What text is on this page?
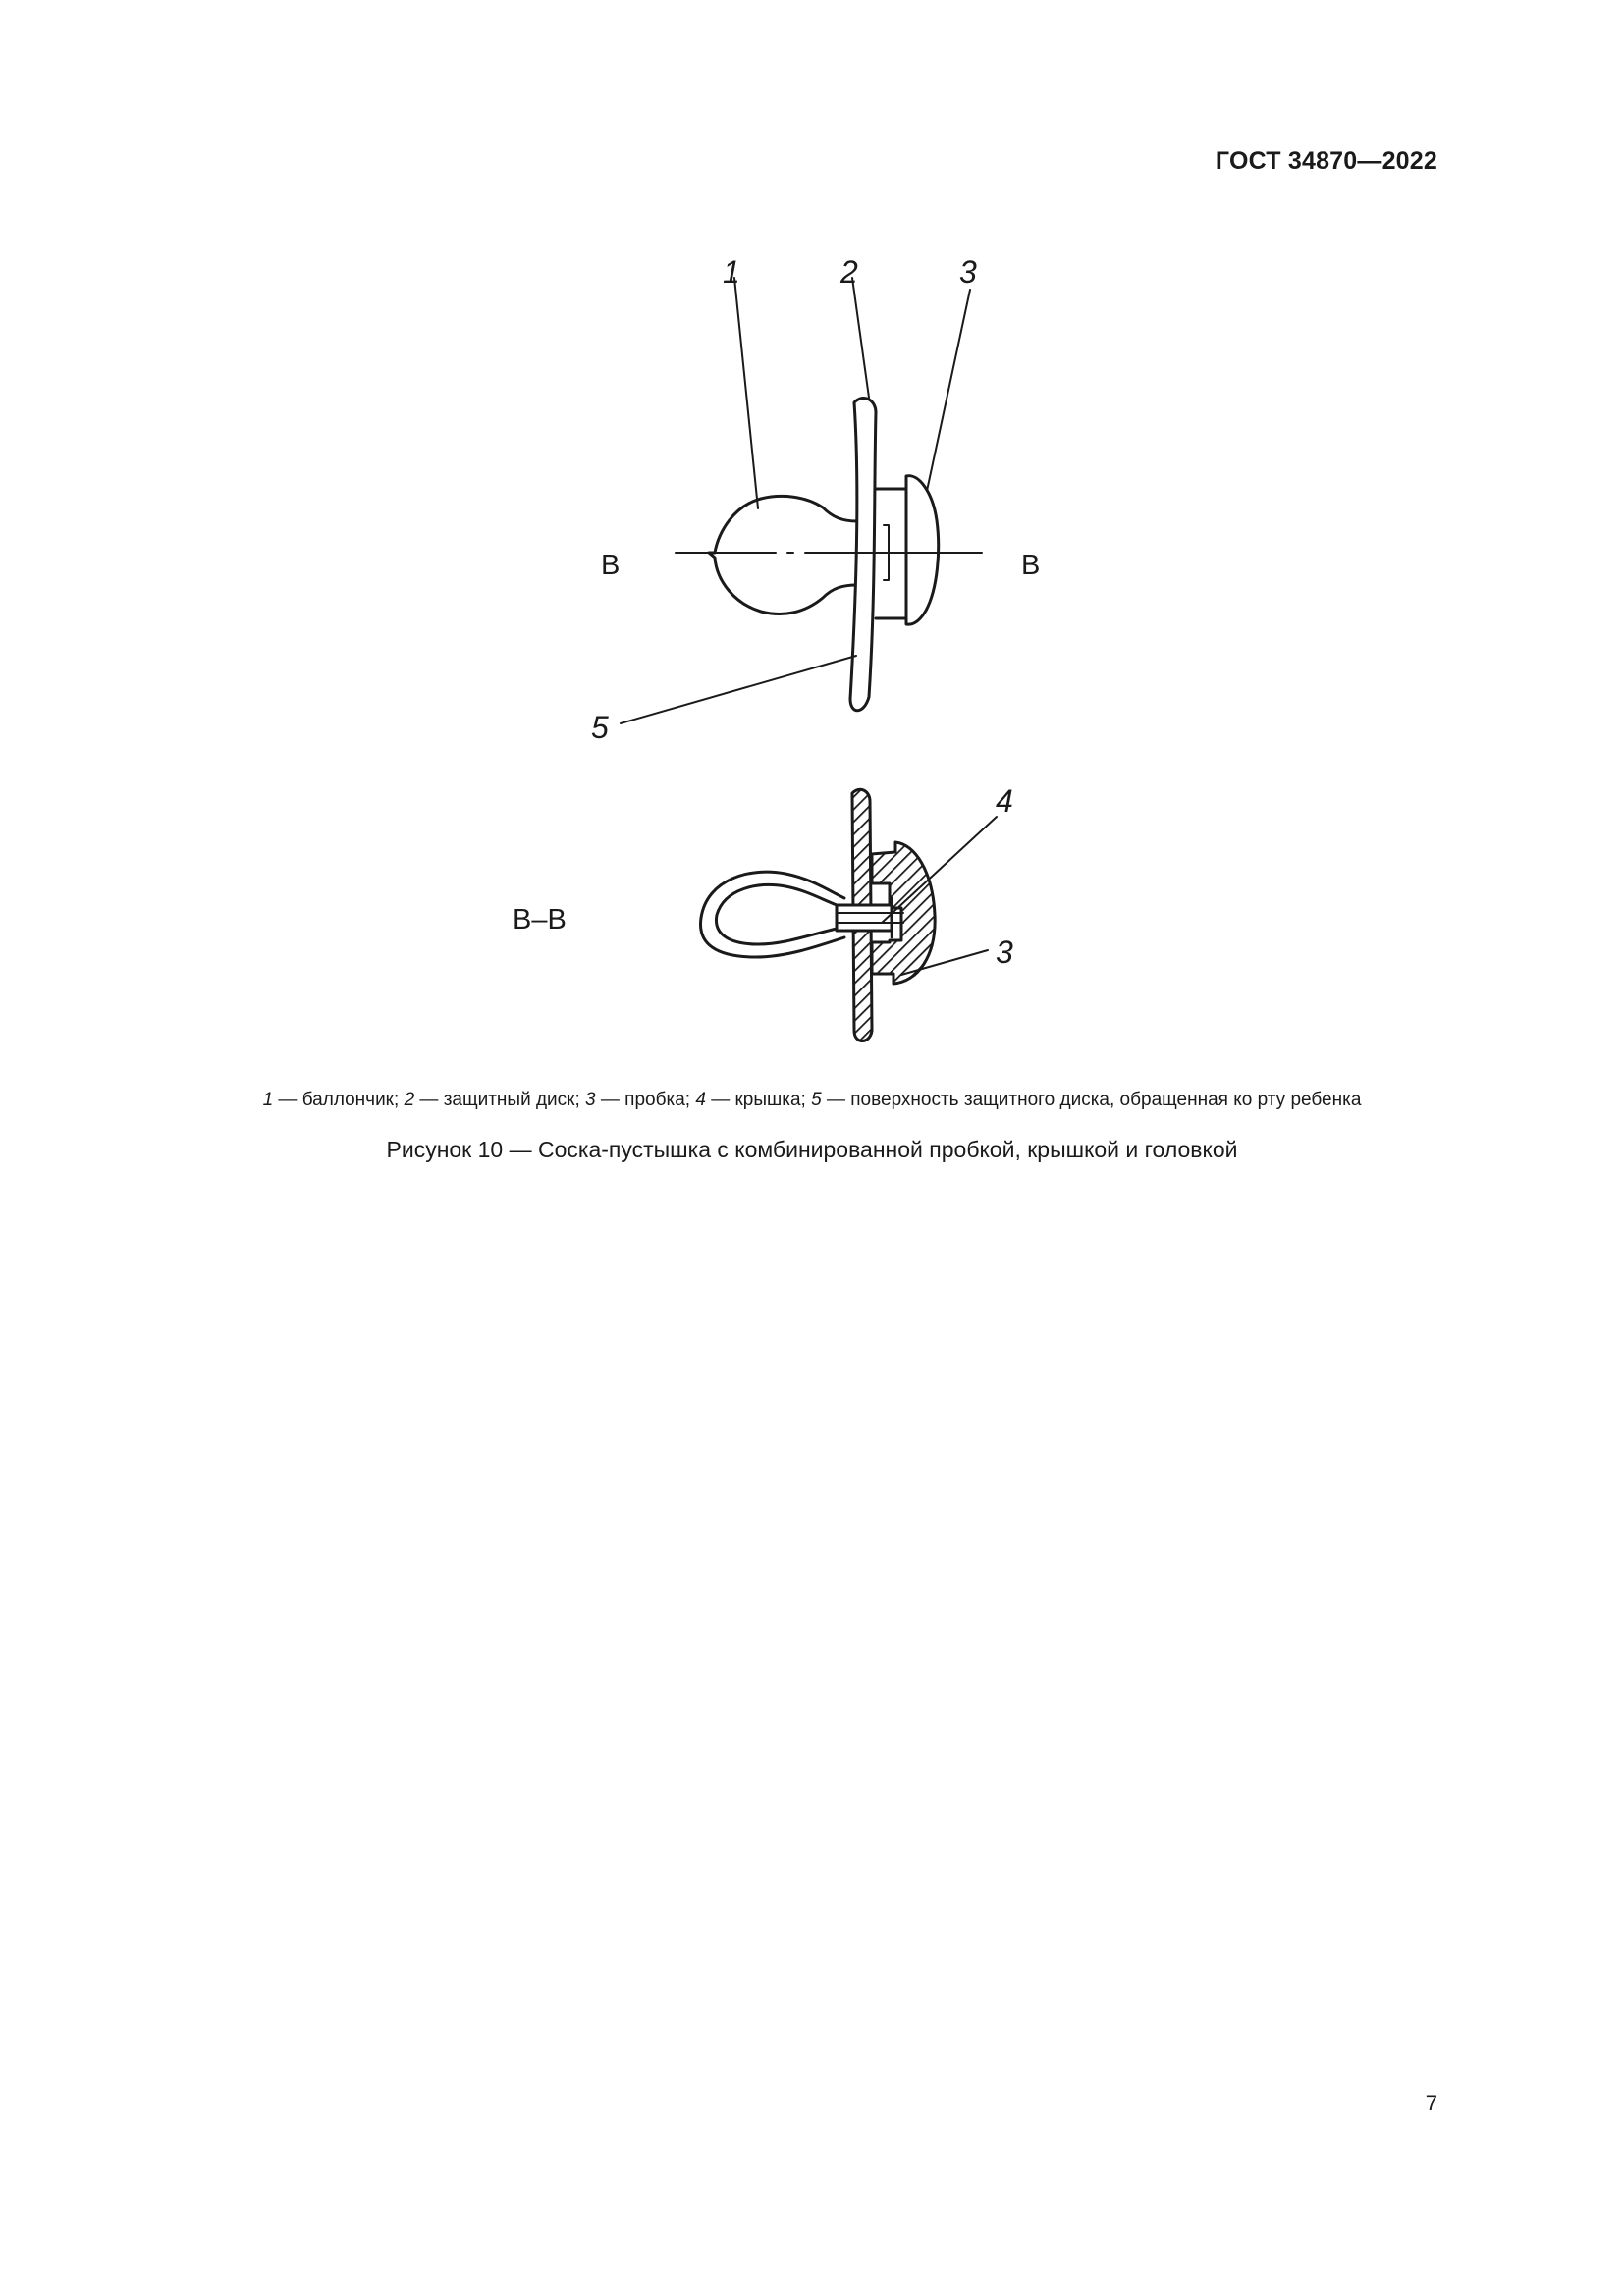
ГОСТ 34870—2022
1	2	3
5
4
3
В	В
В–В
1 — баллончик; 2 — защитный диск; 3 — пробка; 4 — крышка; 5 — поверхность защитного диска, обращенная ко рту ребенка
Рисунок 10 — Соска-пустышка с комбинированной пробкой, крышкой и головкой
7
